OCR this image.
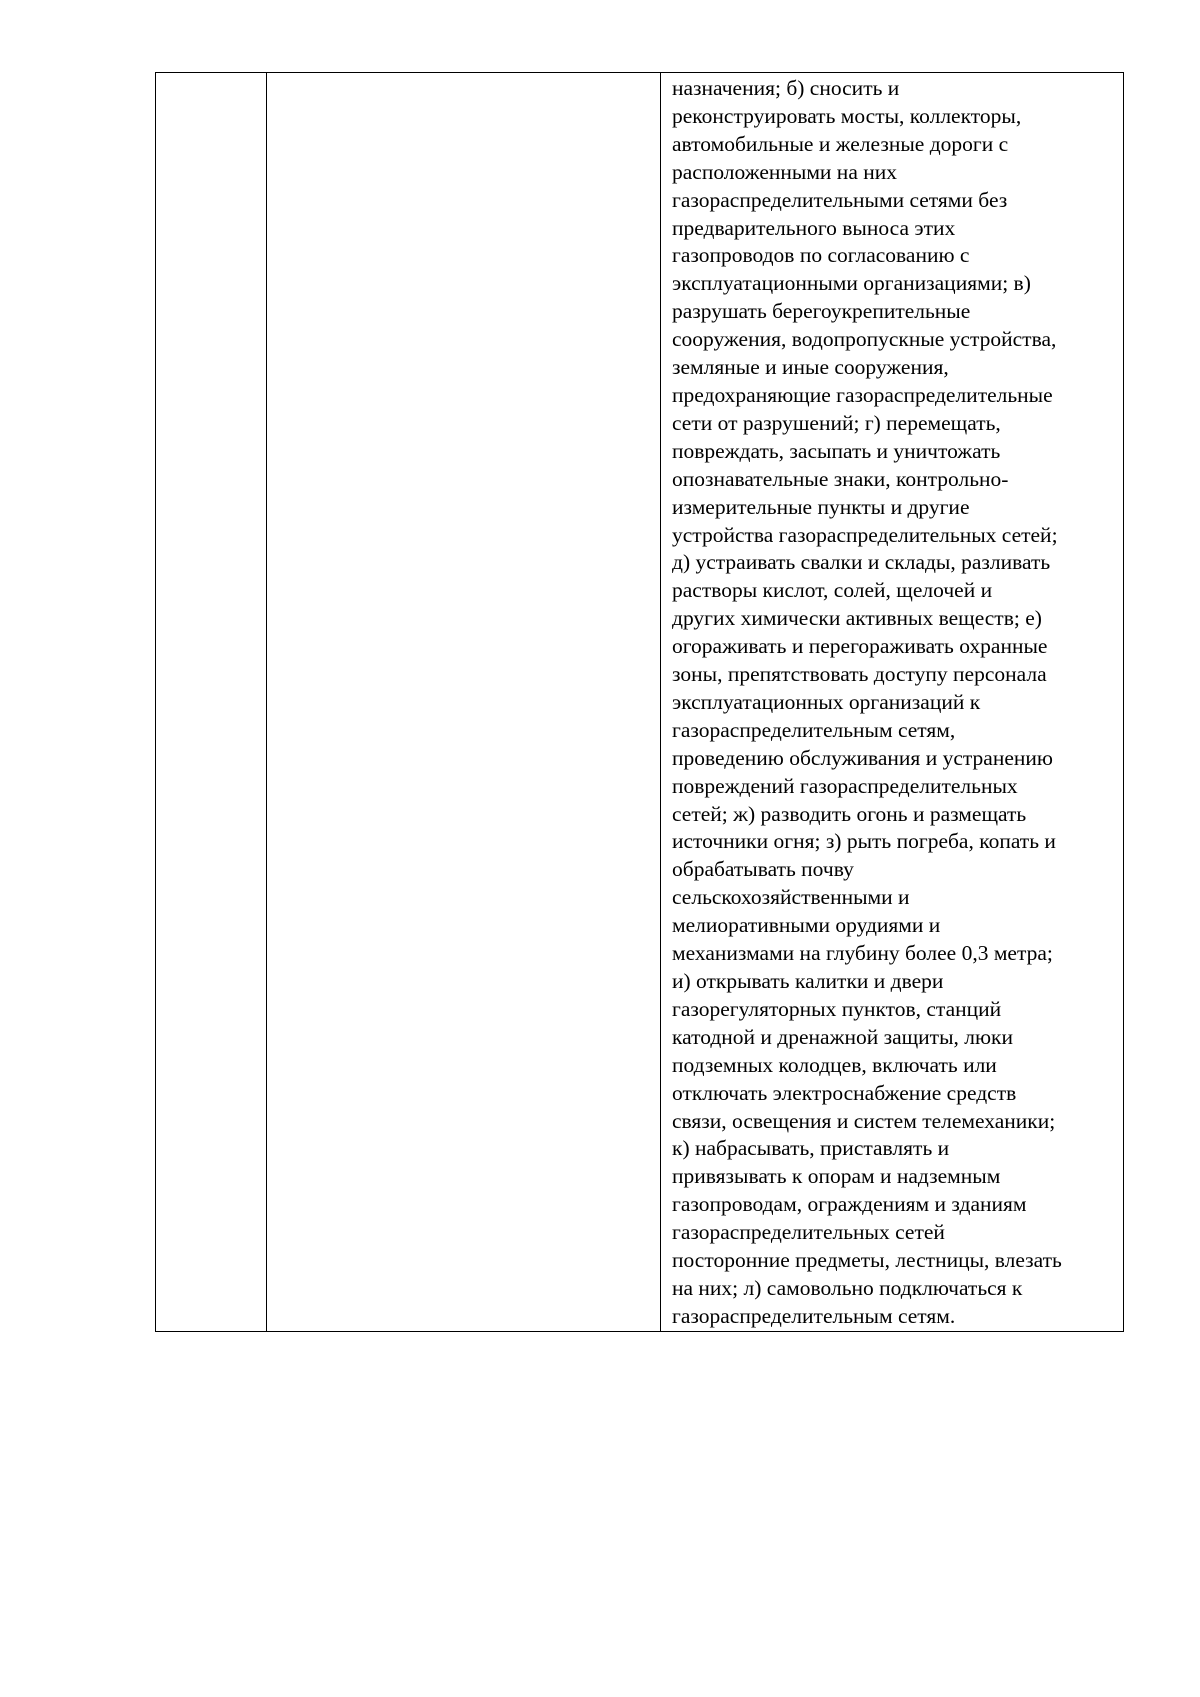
назначения; б) сносить и
реконструировать мосты, коллекторы,
автомобильные и железные дороги с
расположенными на них
газораспределительными сетями без
предварительного выноса этих
газопроводов по согласованию с
эксплуатационными организациями; в)
разрушать берегоукрепительные
сооружения, водопропускные устройства,
земляные и иные сооружения,
предохраняющие газораспределительные
сети от разрушений; г) перемещать,
повреждать, засыпать и уничтожать
опознавательные знаки, контрольно-
измерительные пункты и другие
устройства газораспределительных сетей;
д) устраивать свалки и склады, разливать
растворы кислот, солей, щелочей и
других химически активных веществ; е)
огораживать и перегораживать охранные
зоны, препятствовать доступу персонала
эксплуатационных организаций к
газораспределительным сетям,
проведению обслуживания и устранению
повреждений газораспределительных
сетей; ж) разводить огонь и размещать
источники огня; з) рыть погреба, копать и
обрабатывать почву
сельскохозяйственными и
мелиоративными орудиями и
механизмами на глубину более 0,3 метра;
и) открывать калитки и двери
газорегуляторных пунктов, станций
катодной и дренажной защиты, люки
подземных колодцев, включать или
отключать электроснабжение средств
связи, освещения и систем телемеханики;
к) набрасывать, приставлять и
привязывать к опорам и надземным
газопроводам, ограждениям и зданиям
газораспределительных сетей
посторонние предметы, лестницы, влезать
на них; л) самовольно подключаться к
газораспределительным сетям.
